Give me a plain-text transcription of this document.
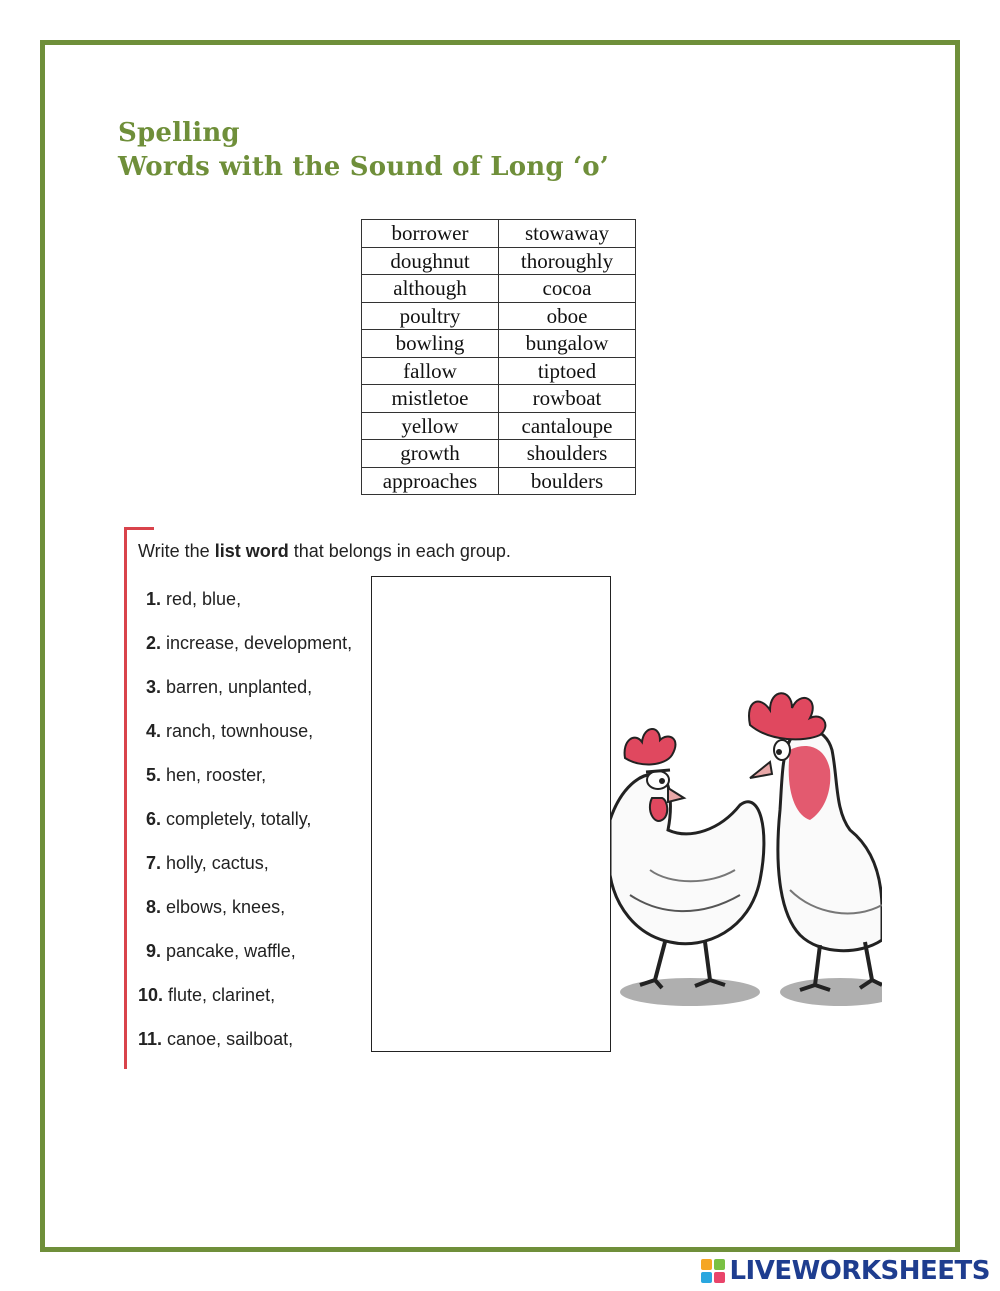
Spelling
Words with the Sound of Long ‘o’
borrower	stowaway
doughnut	thoroughly
although	cocoa
poultry	oboe
bowling	bungalow
fallow	tiptoed
mistletoe	rowboat
yellow	cantaloupe
growth	shoulders
approaches	boulders
Write the list word that belongs in each group.
1. red, blue,
2. increase, development,
3. barren, unplanted,
4. ranch, townhouse,
5. hen, rooster,
6. completely, totally,
7. holly, cactus,
8. elbows, knees,
9. pancake, waffle,
10. flute, clarinet,
11. canoe, sailboat,
LIVEWORKSHEETS
